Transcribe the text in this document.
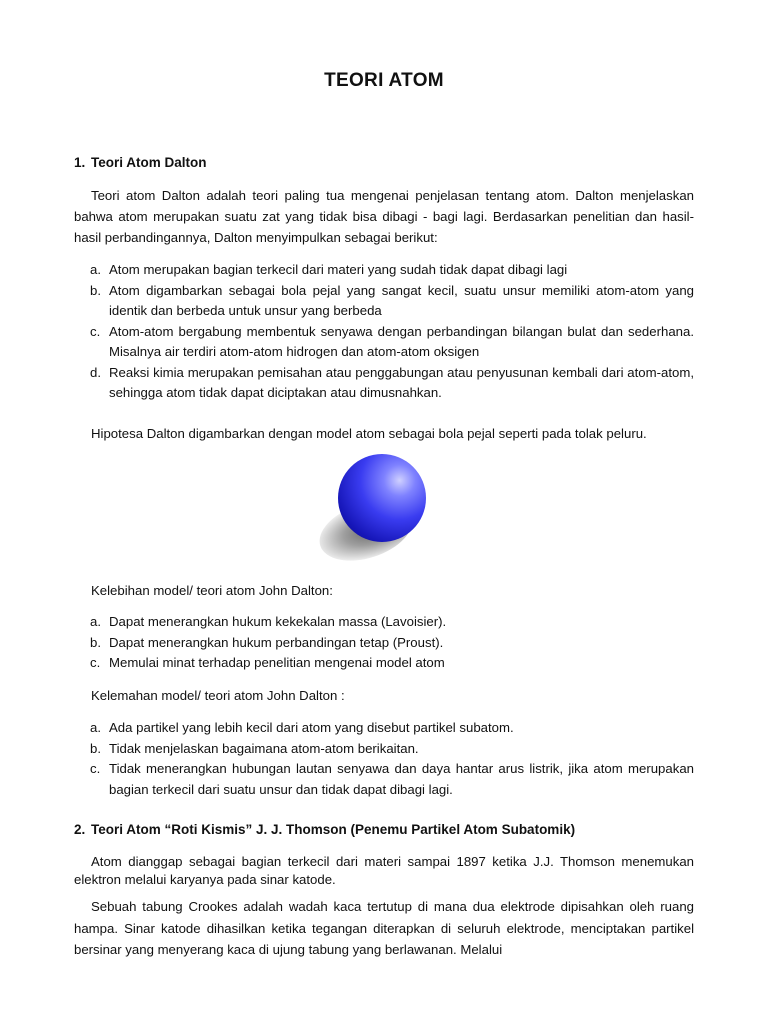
TEORI ATOM
1. Teori Atom Dalton

Teori atom Dalton adalah teori paling tua mengenai penjelasan tentang atom. Dalton menjelaskan bahwa atom merupakan suatu zat yang tidak bisa dibagi - bagi lagi. Berdasarkan penelitian dan hasil- hasil perbandingannya, Dalton menyimpulkan sebagai berikut:

a. Atom merupakan bagian terkecil dari materi yang sudah tidak dapat dibagi lagi
b. Atom digambarkan sebagai bola pejal yang sangat kecil, suatu unsur memiliki atom-atom yang identik dan berbeda untuk unsur yang berbeda
c. Atom-atom bergabung membentuk senyawa dengan perbandingan bilangan bulat dan sederhana. Misalnya air terdiri atom-atom hidrogen dan atom-atom oksigen
d. Reaksi kimia merupakan pemisahan atau penggabungan atau penyusunan kembali dari atom-atom, sehingga atom tidak dapat diciptakan atau dimusnahkan.

Hipotesa Dalton digambarkan dengan model atom sebagai bola pejal seperti pada tolak peluru.

Kelebihan model/ teori atom John Dalton:

a. Dapat menerangkan hukum kekekalan massa (Lavoisier).
b. Dapat menerangkan hukum perbandingan tetap (Proust).
c. Memulai minat terhadap penelitian mengenai model atom

Kelemahan model/ teori atom John Dalton :

a. Ada partikel yang lebih kecil dari atom yang disebut partikel subatom.
b. Tidak menjelaskan bagaimana atom-atom berikaitan.
c. Tidak menerangkan hubungan lautan senyawa dan daya hantar arus listrik, jika atom merupakan bagian terkecil dari suatu unsur dan tidak dapat dibagi lagi.
2. Teori Atom “Roti Kismis” J. J. Thomson (Penemu Partikel Atom Subatomik)

Atom dianggap sebagai bagian terkecil dari materi sampai 1897 ketika J.J. Thomson menemukan elektron melalui karyanya pada sinar katode.

Sebuah tabung Crookes adalah wadah kaca tertutup di mana dua elektrode dipisahkan oleh ruang hampa. Sinar katode dihasilkan ketika tegangan diterapkan di seluruh elektrode, menciptakan partikel bersinar yang menyerang kaca di ujung tabung yang berlawanan. Melalui
